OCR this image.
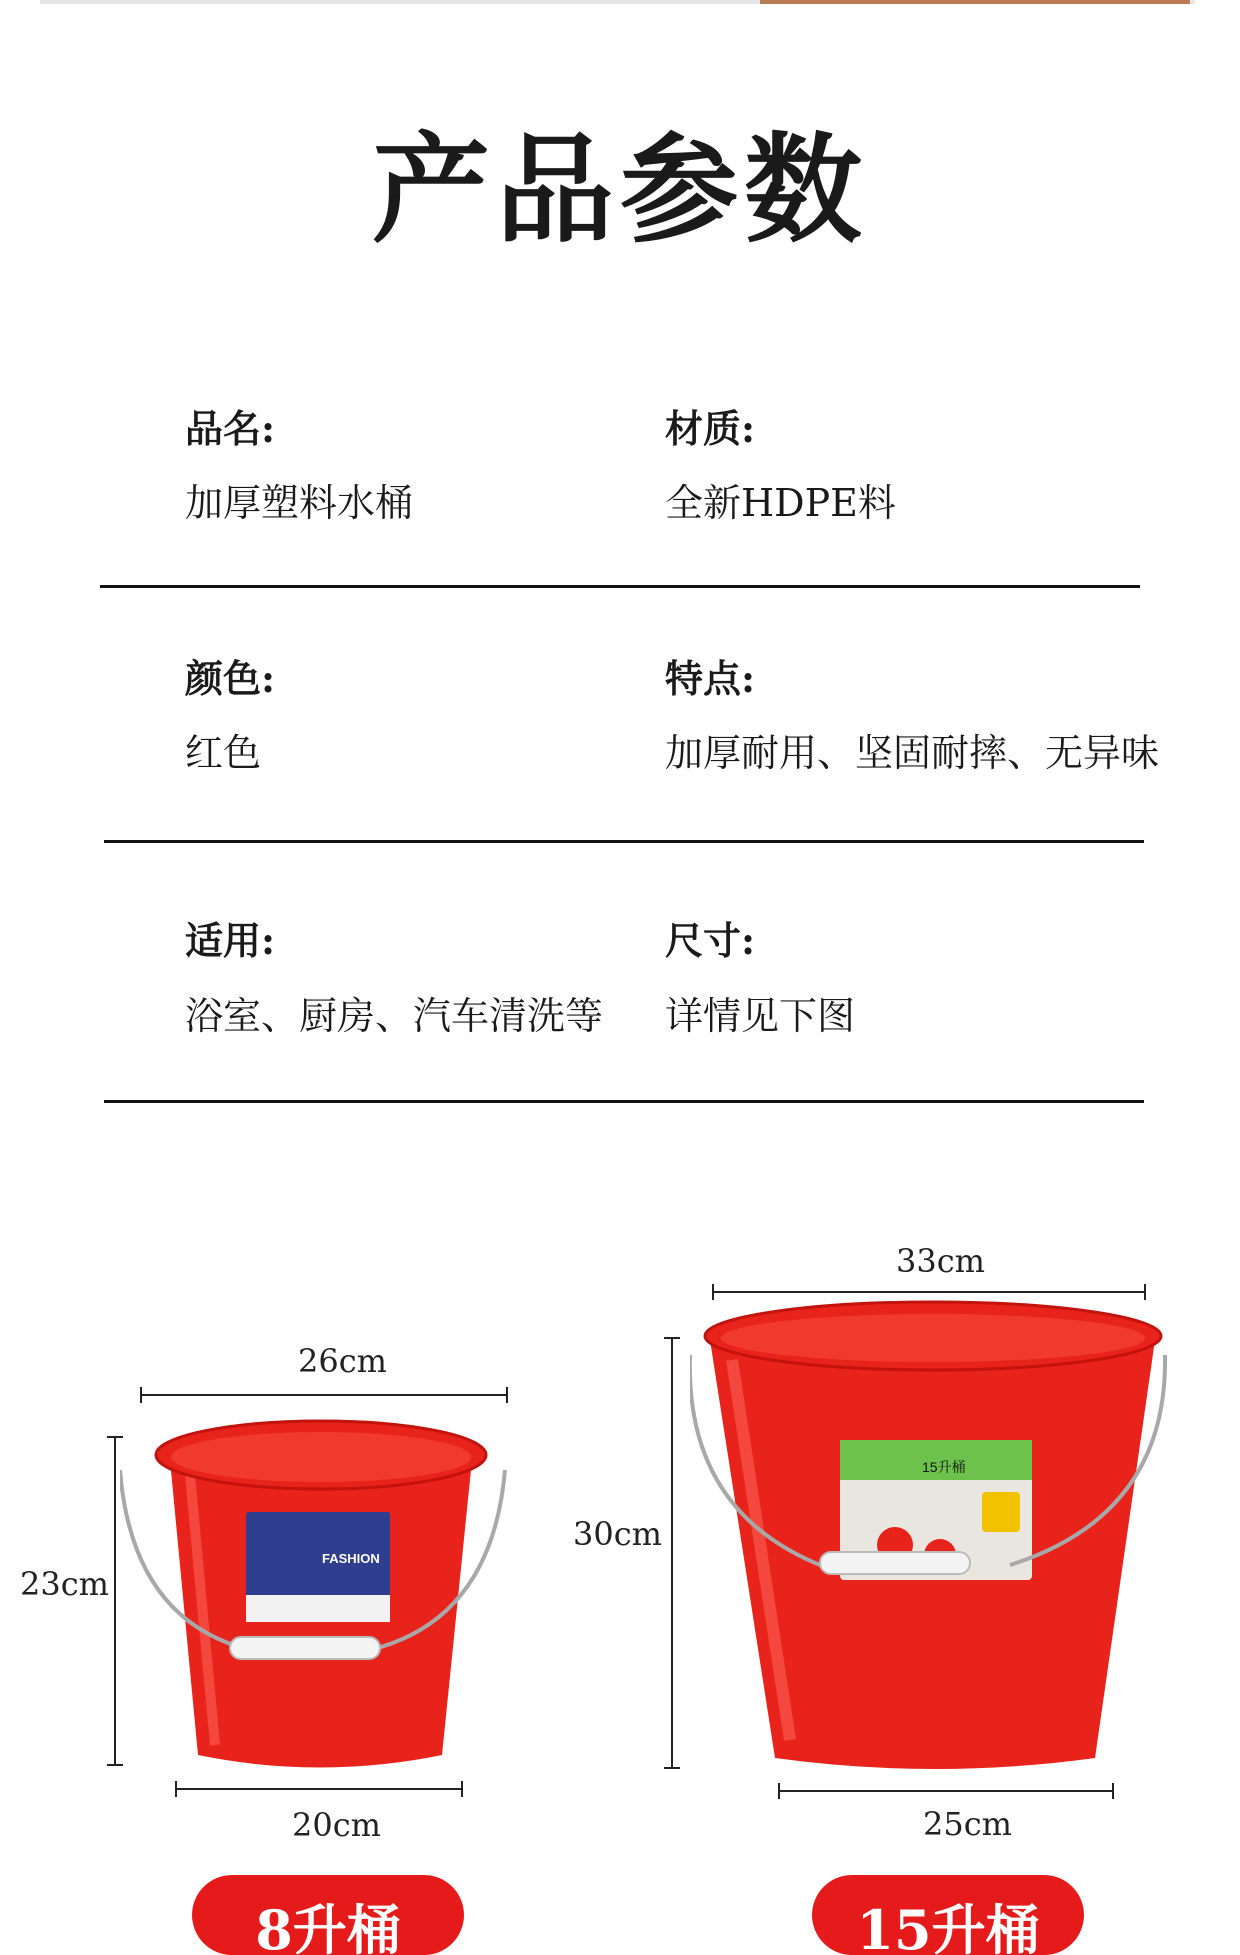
产品参数
品名:
加厚塑料水桶
材质:
全新HDPE料
颜色:
红色
特点:
加厚耐用、坚固耐摔、无异味
适用:
浴室、厨房、汽车清洗等
尺寸:
详情见下图
26cm
23cm
20cm
FASHION
33cm
30cm
25cm
15升桶
8升桶	15升桶
